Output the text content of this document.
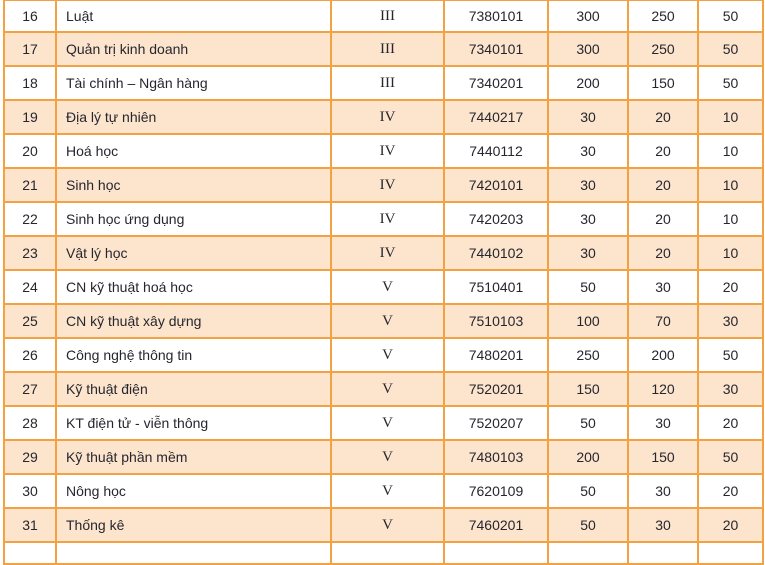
16	Luật	III	7380101	300	250	50
17	Quản trị kinh doanh	III	7340101	300	250	50
18	Tài chính – Ngân hàng	III	7340201	200	150	50
19	Địa lý tự nhiên	IV	7440217	30	20	10
20	Hoá học	IV	7440112	30	20	10
21	Sinh học	IV	7420101	30	20	10
22	Sinh học ứng dụng	IV	7420203	30	20	10
23	Vật lý học	IV	7440102	30	20	10
24	CN kỹ thuật hoá học	V	7510401	50	30	20
25	CN kỹ thuật xây dựng	V	7510103	100	70	30
26	Công nghệ thông tin	V	7480201	250	200	50
27	Kỹ thuật điện	V	7520201	150	120	30
28	KT điện tử - viễn thông	V	7520207	50	30	20
29	Kỹ thuật phần mềm	V	7480103	200	150	50
30	Nông học	V	7620109	50	30	20
31	Thống kê	V	7460201	50	30	20
